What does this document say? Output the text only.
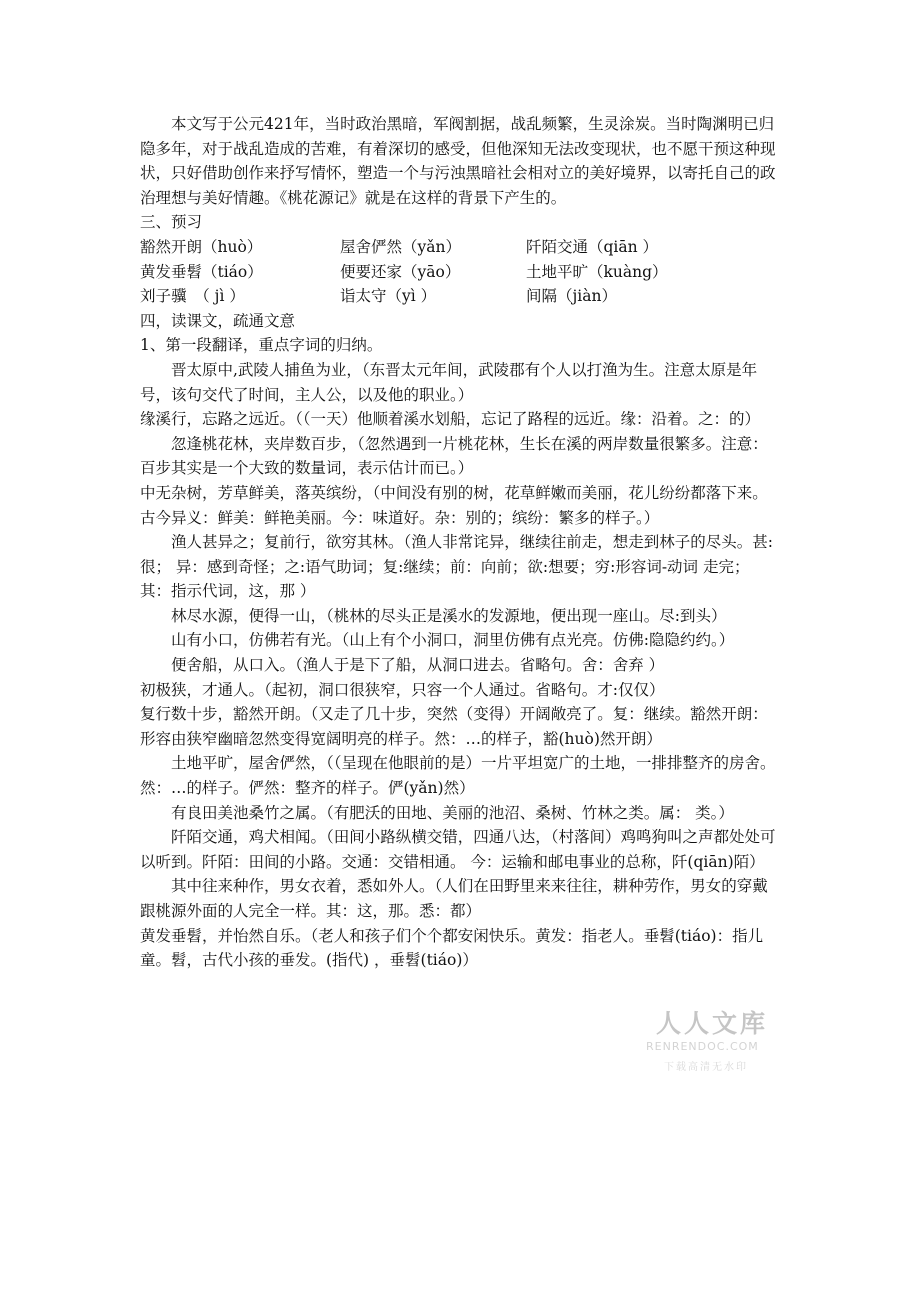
本文写于公元421年，当时政治黑暗，军阀割据，战乱频繁，生灵涂炭。当时陶渊明已归隐多年，对于战乱造成的苦难，有着深切的感受，但他深知无法改变现状，也不愿干预这种现状，只好借助创作来抒写情怀，塑造一个与污浊黑暗社会相对立的美好境界，以寄托自己的政治理想与美好情趣。《桃花源记》就是在这样的背景下产生的。

三、预习

豁然开朗（huò）	屋舍俨然（yǎn）	阡陌交通（qiān ）
黄发垂髫（tiáo）	便要还家（yāo）	土地平旷（kuàng）
刘子骥　（ jì ）	诣太守（yì ）	间隔（jiàn）

四，读课文，疏通文意

1、第一段翻译，重点字词的归纳。

晋太原中,武陵人捕鱼为业，（东晋太元年间，武陵郡有个人以打渔为生。注意太原是年号，该句交代了时间，主人公，以及他的职业。）

缘溪行，忘路之远近。（（一天）他顺着溪水划船，忘记了路程的远近。缘：沿着。之：的）

忽逢桃花林，夹岸数百步，（忽然遇到一片桃花林，生长在溪的两岸数量很繁多。注意：百步其实是一个大致的数量词，表示估计而已。）

中无杂树，芳草鲜美，落英缤纷，（中间没有别的树，花草鲜嫩而美丽，花儿纷纷都落下来。古今异义：鲜美：鲜艳美丽。今：味道好。杂：别的；缤纷：繁多的样子。）

渔人甚异之；复前行，欲穷其林。（渔人非常诧异，继续往前走，想走到林子的尽头。甚:很； 异：感到奇怪；之:语气助词；复:继续；前：向前；欲:想要；穷:形容词-动词 走完；其：指示代词，这，那 ）

林尽水源，便得一山，（桃林的尽头正是溪水的发源地，便出现一座山。尽:到头）

山有小口，仿佛若有光。（山上有个小洞口，洞里仿佛有点光亮。仿佛:隐隐约约。）

便舍船，从口入。（渔人于是下了船，从洞口进去。省略句。舍：舍弃 ）

初极狭，才通人。（起初，洞口很狭窄，只容一个人通过。省略句。才:仅仅）

复行数十步，豁然开朗。（又走了几十步，突然（变得）开阔敞亮了。复：继续。豁然开朗：形容由狭窄幽暗忽然变得宽阔明亮的样子。然：…的样子，豁(huò)然开朗）

土地平旷，屋舍俨然，（（呈现在他眼前的是）一片平坦宽广的土地，一排排整齐的房舍。然：…的样子。俨然：整齐的样子。俨(yǎn)然）

有良田美池桑竹之属。（有肥沃的田地、美丽的池沼、桑树、竹林之类。属： 类。）

阡陌交通，鸡犬相闻。（田间小路纵横交错，四通八达，（村落间）鸡鸣狗叫之声都处处可以听到。阡陌：田间的小路。交通：交错相通。 今：运输和邮电事业的总称，阡(qiān)陌）

其中往来种作，男女衣着，悉如外人。（人们在田野里来来往往，耕种劳作，男女的穿戴跟桃源外面的人完全一样。其：这，那。悉：都）

黄发垂髫，并怡然自乐。（老人和孩子们个个都安闲快乐。黄发：指老人。垂髫(tiáo)：指儿童。髫，古代小孩的垂发。(指代) ，垂髫(tiáo)）

人人文库
RENRENDOC.COM
下载高清无水印
